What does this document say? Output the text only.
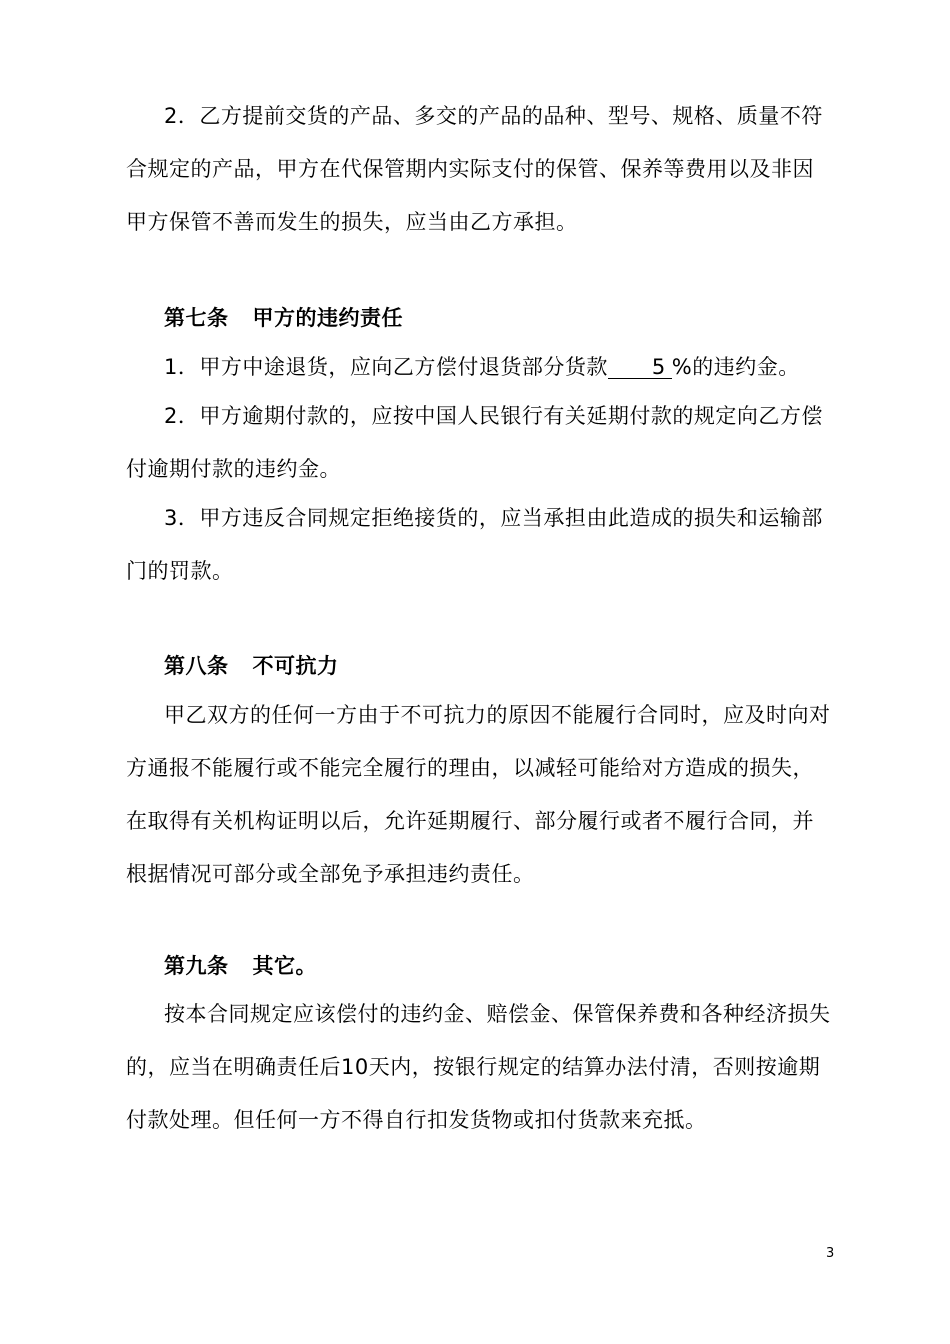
2．乙方提前交货的产品、多交的产品的品种、型号、规格、质量不符合规定的产品，甲方在代保管期内实际支付的保管、保养等费用以及非因甲方保管不善而发生的损失，应当由乙方承担。

第七条 甲方的违约责任

1．甲方中途退货，应向乙方偿付退货部分货款 5 %的违约金。

2．甲方逾期付款的，应按中国人民银行有关延期付款的规定向乙方偿付逾期付款的违约金。

3．甲方违反合同规定拒绝接货的，应当承担由此造成的损失和运输部门的罚款。

第八条 不可抗力

甲乙双方的任何一方由于不可抗力的原因不能履行合同时，应及时向对方通报不能履行或不能完全履行的理由，以减轻可能给对方造成的损失，在取得有关机构证明以后，允许延期履行、部分履行或者不履行合同，并根据情况可部分或全部免予承担违约责任。

第九条 其它。

按本合同规定应该偿付的违约金、赔偿金、保管保养费和各种经济损失的，应当在明确责任后10天内，按银行规定的结算办法付清，否则按逾期付款处理。但任何一方不得自行扣发货物或扣付货款来充抵。

3
